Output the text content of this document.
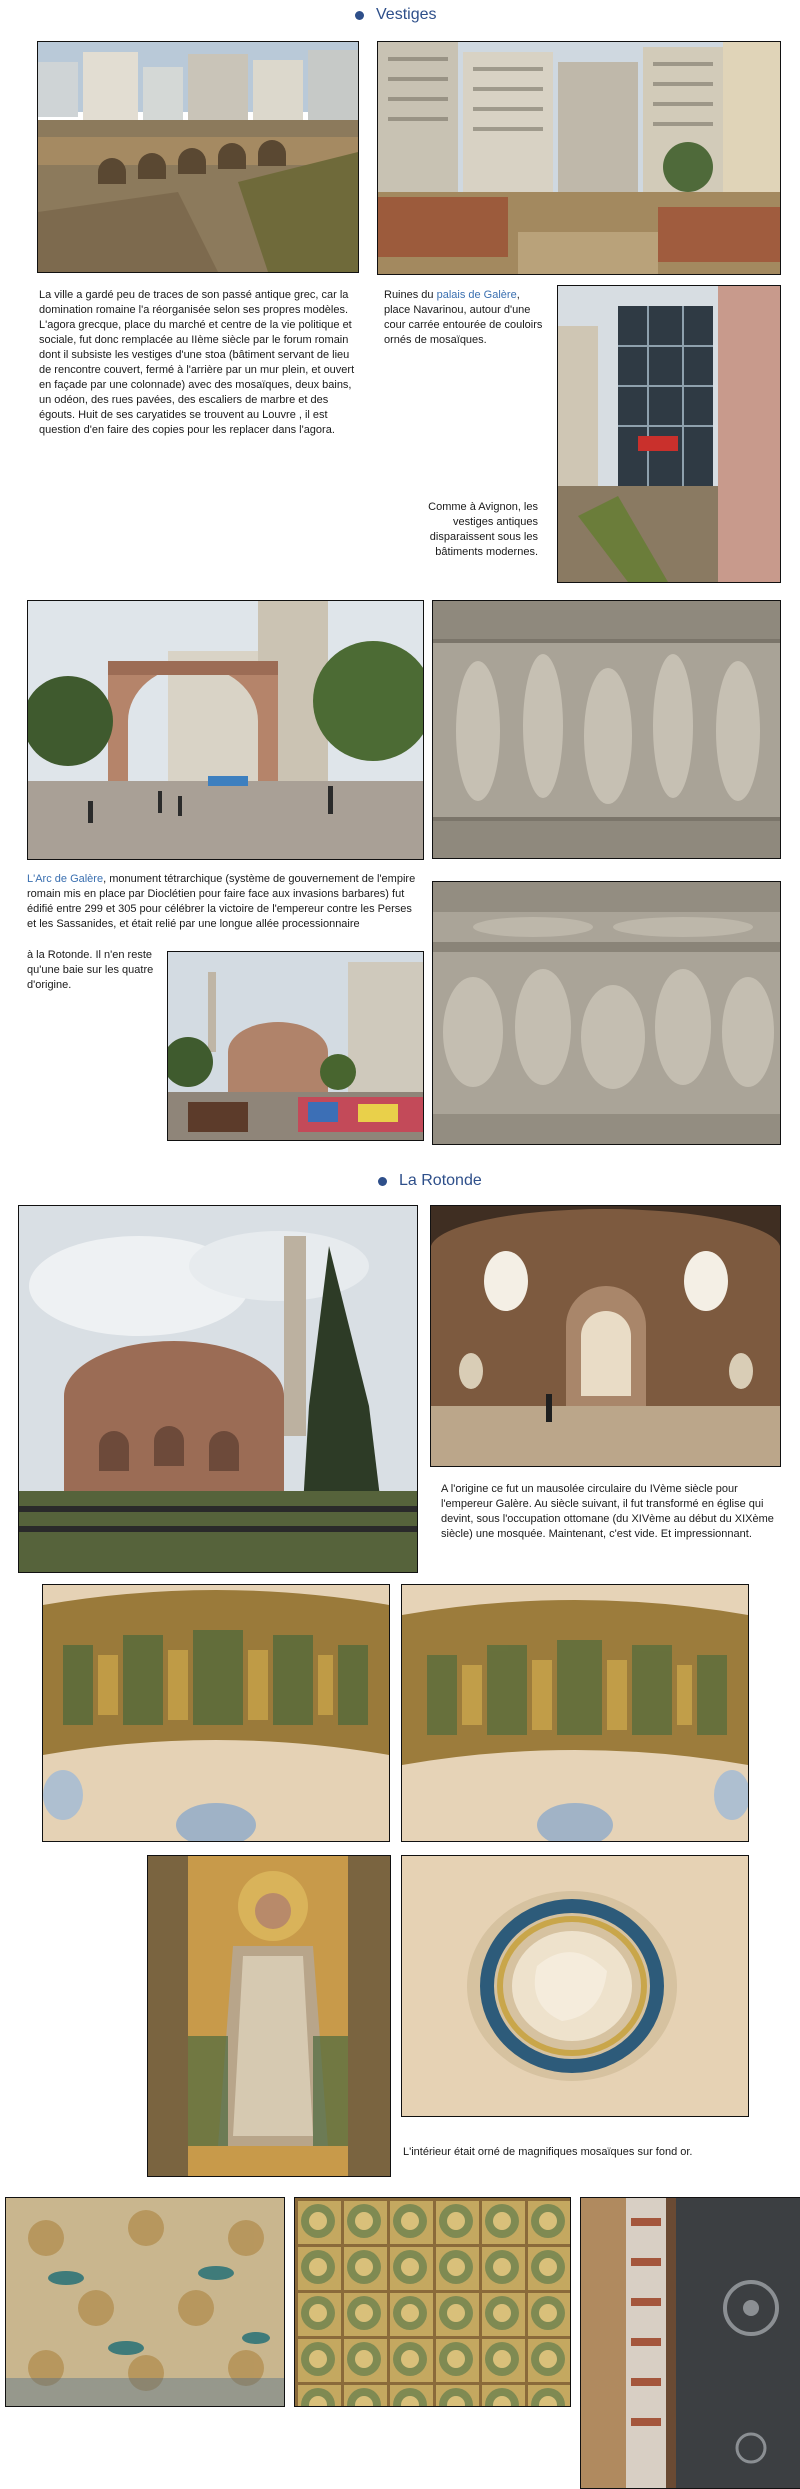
Vestiges
La ville a gardé peu de traces de son passé antique grec, car la domination romaine l'a réorganisée selon ses propres modèles. L'agora grecque, place du marché et centre de la vie politique et sociale, fut donc remplacée au IIème siècle par le forum romain dont il subsiste les vestiges d'une stoa (bâtiment servant de lieu de rencontre couvert, fermé à l'arrière par un mur plein, et ouvert en façade par une colonnade) avec des mosaïques, deux bains, un odéon, des rues pavées, des escaliers de marbre et des égouts. Huit de ses caryatides se trouvent au Louvre , il est question d'en faire des copies pour les replacer dans l'agora.
Ruines du palais de Galère, place Navarinou, autour d'une cour carrée entourée de couloirs ornés de mosaïques.
Comme à Avignon, les vestiges antiques disparaissent sous les bâtiments modernes.
L'Arc de Galère, monument tétrarchique (système de gouvernement de l'empire romain mis en place par Dioclétien pour faire face aux invasions barbares) fut édifié entre 299 et 305 pour célébrer la victoire de l'empereur contre les Perses et les Sassanides, et était relié par une longue allée processionnaire
à la Rotonde. Il n'en reste qu'une baie sur les quatre d'origine.
La Rotonde
A l'origine ce fut un mausolée circulaire du IVème siècle pour l'empereur Galère. Au siècle suivant, il fut transformé en église qui devint, sous l'occupation ottomane (du XIVème au début du XIXème siècle) une mosquée. Maintenant, c'est vide. Et impressionnant.
L'intérieur était orné de magnifiques mosaïques sur fond or.
